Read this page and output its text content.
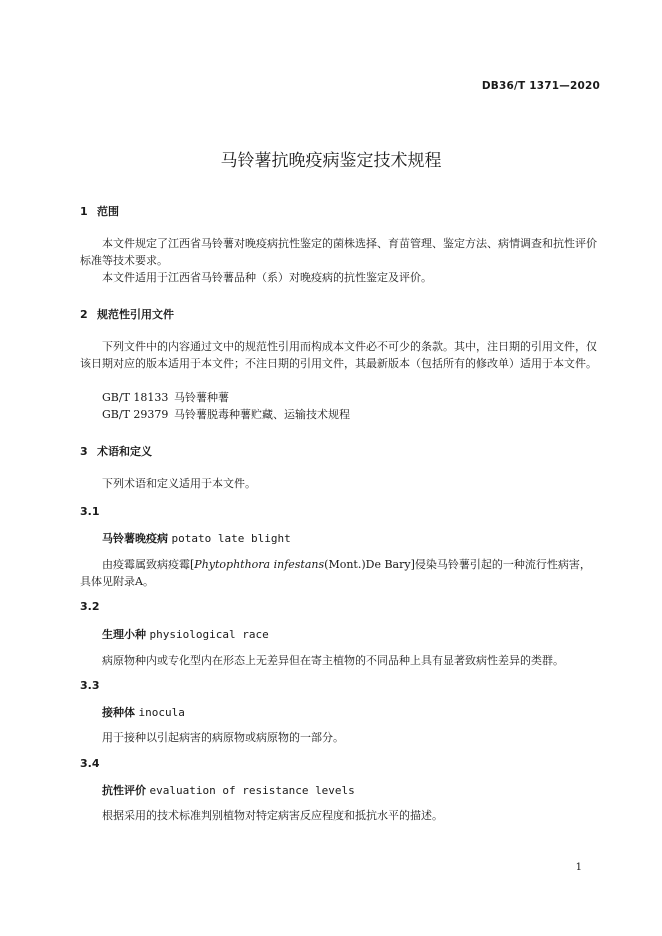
DB36/T 1371—2020
马铃薯抗晚疫病鉴定技术规程
1 范围
本文件规定了江西省马铃薯对晚疫病抗性鉴定的菌株选择、育苗管理、鉴定方法、病情调查和抗性评价标准等技术要求。
本文件适用于江西省马铃薯品种（系）对晚疫病的抗性鉴定及评价。
2 规范性引用文件
下列文件中的内容通过文中的规范性引用而构成本文件必不可少的条款。其中，注日期的引用文件，仅该日期对应的版本适用于本文件；不注日期的引用文件，其最新版本（包括所有的修改单）适用于本文件。
GB/T 18133 马铃薯种薯
GB/T 29379 马铃薯脱毒种薯贮藏、运输技术规程
3 术语和定义
下列术语和定义适用于本文件。
3.1
马铃薯晚疫病 potato late blight
由疫霉属致病疫霉[Phytophthora infestans(Mont.)De Bary]侵染马铃薯引起的一种流行性病害，具体见附录A。
3.2
生理小种 physiological race
病原物种内或专化型内在形态上无差异但在寄主植物的不同品种上具有显著致病性差异的类群。
3.3
接种体 inocula
用于接种以引起病害的病原物或病原物的一部分。
3.4
抗性评价 evaluation of resistance levels
根据采用的技术标准判别植物对特定病害反应程度和抵抗水平的描述。
1
